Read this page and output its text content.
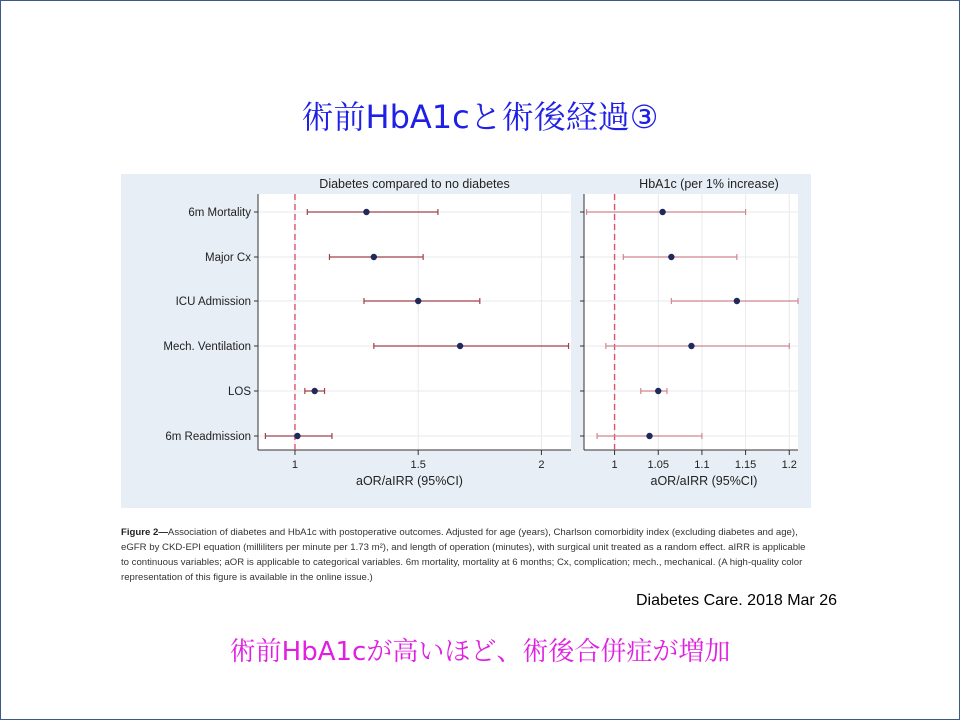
術前HbA1cと術後経過③
Diabetes compared to no diabetes
1	1.5	2
aOR/aIRR (95%CI)
6m Mortality
Major Cx
ICU Admission
Mech. Ventilation
LOS
6m Readmission
HbA1c (per 1% increase)
1	1.05 1.1 1.15 1.2
aOR/aIRR (95%CI)
Figure 2—Association of diabetes and HbA1c with postoperative outcomes. Adjusted for age (years), Charlson comorbidity index (excluding diabetes and age), eGFR by CKD-EPI equation (milliliters per minute per 1.73 m²), and length of operation (minutes), with surgical unit treated as a random effect. aIRR is applicable to continuous variables; aOR is applicable to categorical variables. 6m mortality, mortality at 6 months; Cx, complication; mech., mechanical. (A high-quality color representation of this figure is available in the online issue.)
Diabetes Care. 2018 Mar 26
術前HbA1cが高いほど、術後合併症が増加
